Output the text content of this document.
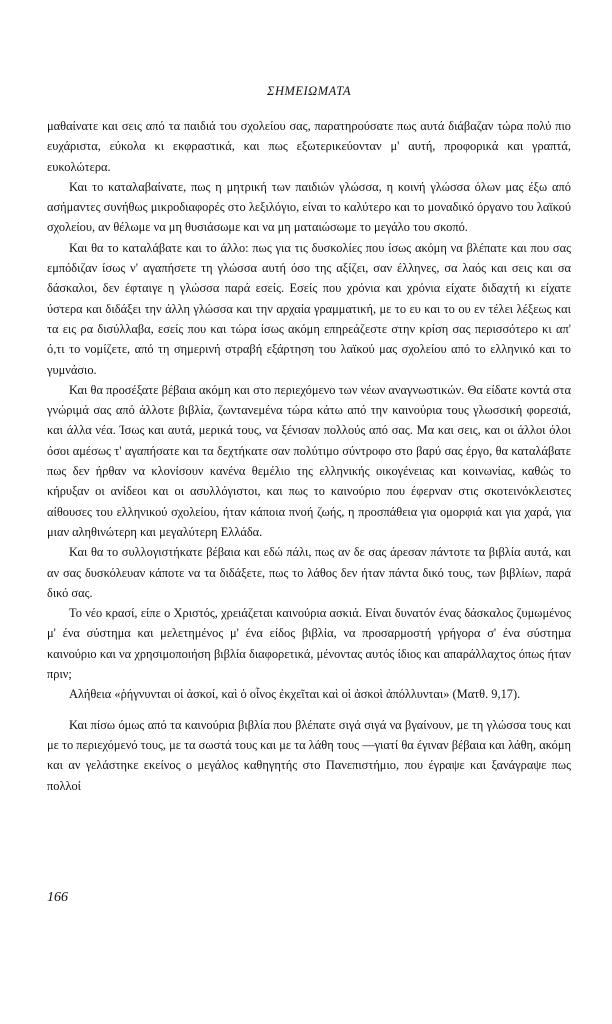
ΣΗΜΕΙΩΜΑΤΑ

μαθαίνατε και σεις από τα παιδιά του σχολείου σας, παρατηρούσατε πως αυτά διάβαζαν τώρα πολύ πιο ευχάριστα, εύκολα κι εκφραστικά, και πως εξωτερικεύονταν μ' αυτή, προφορικά και γραπτά, ευκολώτερα.

Και το καταλαβαίνατε, πως η μητρική των παιδιών γλώσσα, η κοινή γλώσσα όλων μας έξω από ασήμαντες συνήθως μικροδιαφορές στο λεξιλόγιο, είναι το καλύτερο και το μοναδικό όργανο του λαϊκού σχολείου, αν θέλωμε να μη θυσιάσωμε και να μη ματαιώσωμε το μεγάλο του σκοπό.

Και θα το καταλάβατε και το άλλο: πως για τις δυσκολίες που ίσως ακόμη να βλέπατε και που σας εμπόδιζαν ίσως ν' αγαπήσετε τη γλώσσα αυτή όσο της αξίζει, σαν έλληνες, σα λαός και σεις και σα δάσκαλοι, δεν έφταιγε η γλώσσα παρά εσείς. Εσείς που χρόνια και χρόνια είχατε διδαχτή κι είχατε ύστερα και διδάξει την άλλη γλώσσα και την αρχαία γραμματική, με το ευ και το ου εν τέλει λέξεως και τα εις ρα δισύλλαβα, εσείς που και τώρα ίσως ακόμη επηρεάζεστε στην κρίση σας περισσότερο κι απ' ό,τι το νομίζετε, από τη σημερινή στραβή εξάρτηση του λαϊκού μας σχολείου από το ελληνικό και το γυμνάσιο.

Και θα προσέξατε βέβαια ακόμη και στο περιεχόμενο των νέων αναγνωστικών. Θα είδατε κοντά στα γνώριμά σας από άλλοτε βιβλία, ζωντανεμένα τώρα κάτω από την καινούρια τους γλωσσική φορεσιά, και άλλα νέα. Ίσως και αυτά, μερικά τους, να ξένισαν πολλούς από σας. Μα και σεις, και οι άλλοι όλοι όσοι αμέσως τ' αγαπήσατε και τα δεχτήκατε σαν πολύτιμο σύντροφο στο βαρύ σας έργο, θα καταλάβατε πως δεν ήρθαν να κλονίσουν κανένα θεμέλιο της ελληνικής οικογένειας και κοινωνίας, καθώς το κήρυξαν οι ανίδεοι και οι ασυλλόγιστοι, και πως το καινούριο που έφερναν στις σκοτεινόκλειστες αίθουσες του ελληνικού σχολείου, ήταν κάποια πνοή ζωής, η προσπάθεια για ομορφιά και για χαρά, για μιαν αληθινώτερη και μεγαλύτερη Ελλάδα.

Και θα το συλλογιστήκατε βέβαια και εδώ πάλι, πως αν δε σας άρεσαν πάντοτε τα βιβλία αυτά, και αν σας δυσκόλευαν κάποτε να τα διδάξετε, πως το λάθος δεν ήταν πάντα δικό τους, των βιβλίων, παρά δικό σας.

Το νέο κρασί, είπε ο Χριστός, χρειάζεται καινούρια ασκιά. Είναι δυνατόν ένας δάσκαλος ζυμωμένος μ' ένα σύστημα και μελετημένος μ' ένα είδος βιβλία, να προσαρμοστή γρήγορα σ' ένα σύστημα καινούριο και να χρησιμοποιήση βιβλία διαφορετικά, μένοντας αυτός ίδιος και απαράλλαχτος όπως ήταν πριν;

Αλήθεια «ῥήγνυνται οἱ ἀσκοί, καὶ ὁ οἶνος ἐκχεῖται καὶ οἱ ἀσκοὶ ἀπόλλυνται» (Ματθ. 9,17).

Και πίσω όμως από τα καινούρια βιβλία που βλέπατε σιγά σιγά να βγαίνουν, με τη γλώσσα τους και με το περιεχόμενό τους, με τα σωστά τους και με τα λάθη τους —γιατί θα έγιναν βέβαια και λάθη, ακόμη και αν γελάστηκε εκείνος ο μεγάλος καθηγητής στο Πανεπιστήμιο, που έγραψε και ξανάγραψε πως πολλοί

166
